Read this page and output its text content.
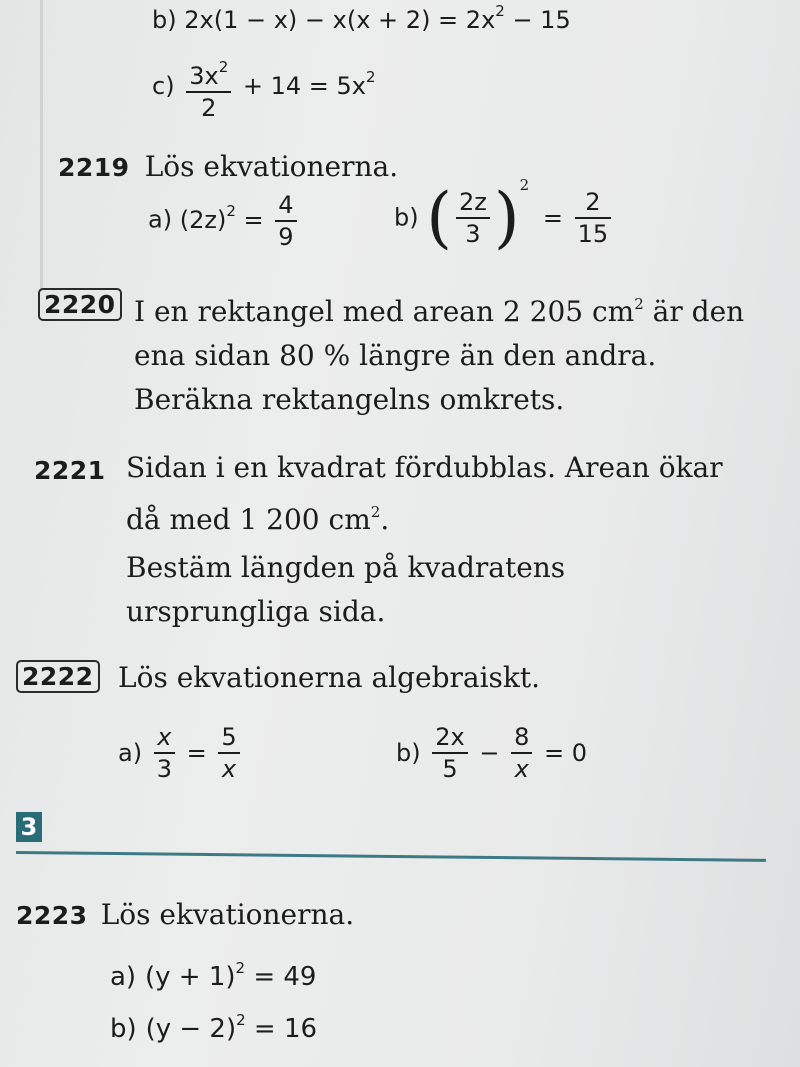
b) $2x(1 - x) - x(x + 2) = 2x^2 - 15$
$c) \frac{3x^2}{2} + 14 = 5x^2$
2219 Lös ekvationerna.
a) $(2z)^2 = \frac{4}{9}$	b) ( $\frac{2z}{3} )^2 = \frac{2}{15}$
2220 I en rektangel med arean 2 205 $cm^2$ är den
ena sidan 80 % längre än den andra.
Beräkna rektangelns omkrets.
2221 Sidan i en kvadrat fördubblas. Arean ökar
då med 1 200 $cm^2$.
Bestäm längden på kvadratens
ursprungliga sida.
2222 Lös ekvationerna algebraiskt.
$a) \frac{x}{3} = \frac{5}{x}$	$b) \frac{2x}{5} - \frac{8}{x} = 0$
3
2223 Lös ekvationerna.
a) $(y + 1)^2 = 49$
b) $(y - 2)^2 = 16$
